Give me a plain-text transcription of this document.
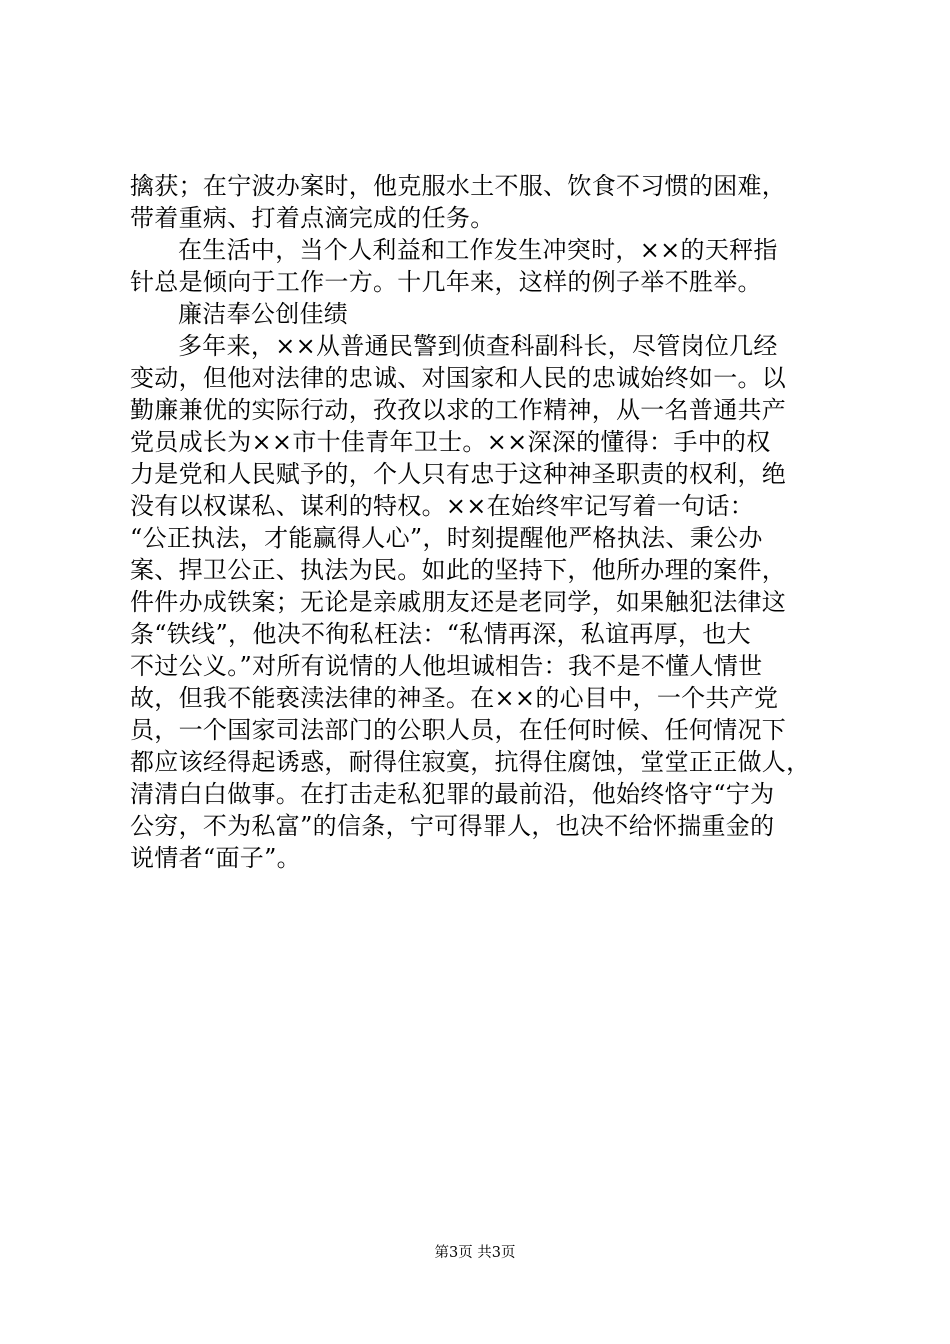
擒获；在宁波办案时，他克服水土不服、饮食不习惯的困难，
带着重病、打着点滴完成的任务。
在生活中，当个人利益和工作发生冲突时，××的天秤指
针总是倾向于工作一方。十几年来，这样的例子举不胜举。
廉洁奉公创佳绩
多年来，××从普通民警到侦查科副科长，尽管岗位几经
变动，但他对法律的忠诚、对国家和人民的忠诚始终如一。以
勤廉兼优的实际行动，孜孜以求的工作精神，从一名普通共产
党员成长为××市十佳青年卫士。××深深的懂得：手中的权
力是党和人民赋予的，个人只有忠于这种神圣职责的权利，绝
没有以权谋私、谋利的特权。××在始终牢记写着一句话：
“公正执法，才能赢得人心”，时刻提醒他严格执法、秉公办
案、捍卫公正、执法为民。如此的坚持下，他所办理的案件，
件件办成铁案；无论是亲戚朋友还是老同学，如果触犯法律这
条“铁线”，他决不徇私枉法：“私情再深，私谊再厚，也大
不过公义。”对所有说情的人他坦诚相告：我不是不懂人情世
故，但我不能亵渎法律的神圣。在××的心目中，一个共产党
员，一个国家司法部门的公职人员，在任何时候、任何情况下
都应该经得起诱惑，耐得住寂寞，抗得住腐蚀，堂堂正正做人，
清清白白做事。在打击走私犯罪的最前沿，他始终恪守“宁为
公穷，不为私富”的信条，宁可得罪人，也决不给怀揣重金的
说情者“面子”。
第3页 共3页
